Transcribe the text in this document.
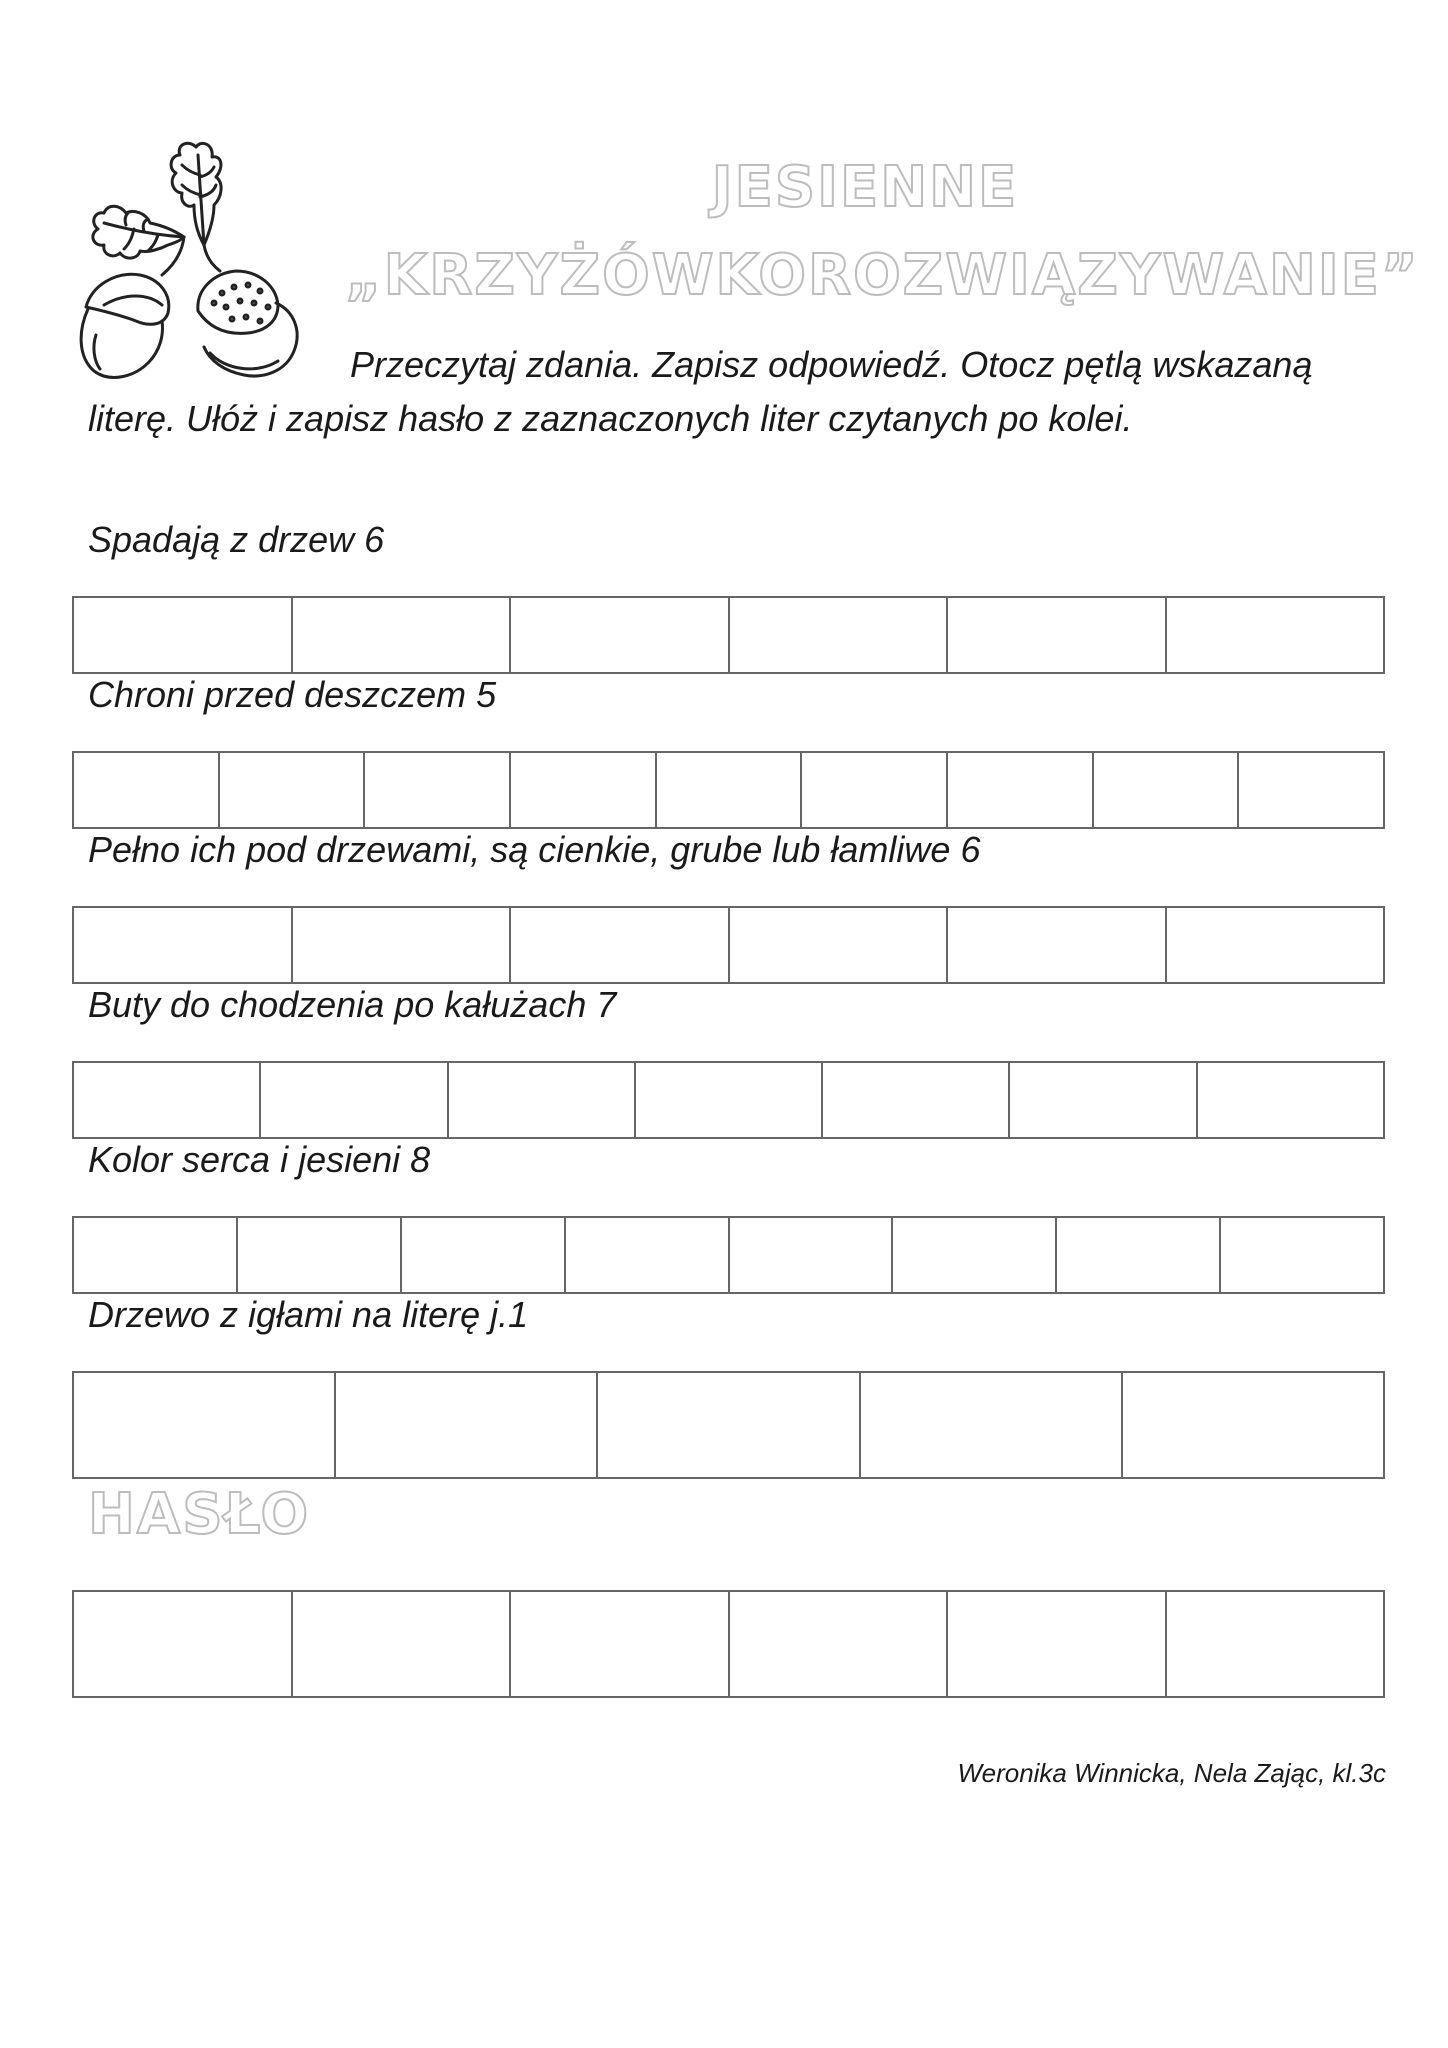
JESIENNE
„KRZYŻÓWKOROZWIĄZYWANIE”

Przeczytaj zdania. Zapisz odpowiedź. Otocz pętlą wskazaną literę. Ułóż i zapisz hasło z zaznaczonych liter czytanych po kolei.

Spadają z drzew 6

Chroni przed deszczem 5

Pełno ich pod drzewami, są cienkie, grube lub łamliwe 6

Buty do chodzenia po kałużach 7

Kolor serca i jesieni 8

Drzewo z igłami na literę j.1

HASŁO
Weronika Winnicka, Nela Zając, kl.3c
